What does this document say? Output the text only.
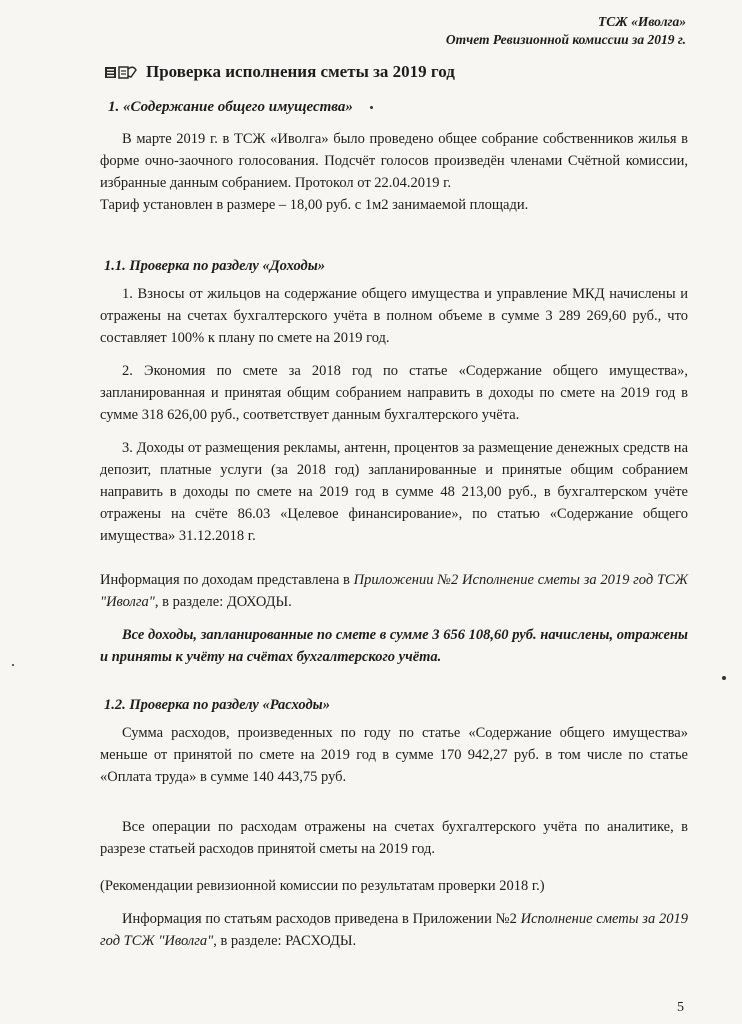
ТСЖ «Иволга»
Отчет Ревизионной комиссии за 2019 г.
Проверка исполнения сметы за 2019 год
1. «Содержание общего имущества»

В марте 2019 г. в ТСЖ «Иволга» было проведено общее собрание собственников жилья в форме очно-заочного голосования. Подсчёт голосов произведён членами Счётной комиссии, избранные данным собранием. Протокол от 22.04.2019 г.

Тариф установлен в размере – 18,00 руб. с 1м2 занимаемой площади.

1.1. Проверка по разделу «Доходы»

1. Взносы от жильцов на содержание общего имущества и управление МКД начислены и отражены на счетах бухгалтерского учёта в полном объеме в сумме 3 289 269,60 руб., что составляет 100% к плану по смете на 2019 год.

2. Экономия по смете за 2018 год по статье «Содержание общего имущества», запланированная и принятая общим собранием направить в доходы по смете на 2019 год в сумме 318 626,00 руб., соответствует данным бухгалтерского учёта.

3. Доходы от размещения рекламы, антенн, процентов за размещение денежных средств на депозит, платные услуги (за 2018 год) запланированные и принятые общим собранием направить в доходы по смете на 2019 год в сумме 48 213,00 руб., в бухгалтерском учёте отражены на счёте 86.03 «Целевое финансирование», по статью «Содержание общего имущества» 31.12.2018 г.

Информация по доходам представлена в Приложении №2 Исполнение сметы за 2019 год ТСЖ "Иволга", в разделе: ДОХОДЫ.

Все доходы, запланированные по смете в сумме 3 656 108,60 руб. начислены, отражены и приняты к учёту на счётах бухгалтерского учёта.

1.2. Проверка по разделу «Расходы»

Сумма расходов, произведенных по году по статье «Содержание общего имущества» меньше от принятой по смете на 2019 год в сумме 170 942,27 руб. в том числе по статье «Оплата труда» в сумме 140 443,75 руб.

Все операции по расходам отражены на счетах бухгалтерского учёта по аналитике, в разрезе статьей расходов принятой сметы на 2019 год.

(Рекомендации ревизионной комиссии по результатам проверки 2018 г.)

Информация по статьям расходов приведена в Приложении №2 Исполнение сметы за 2019 год ТСЖ "Иволга", в разделе: РАСХОДЫ.

5
